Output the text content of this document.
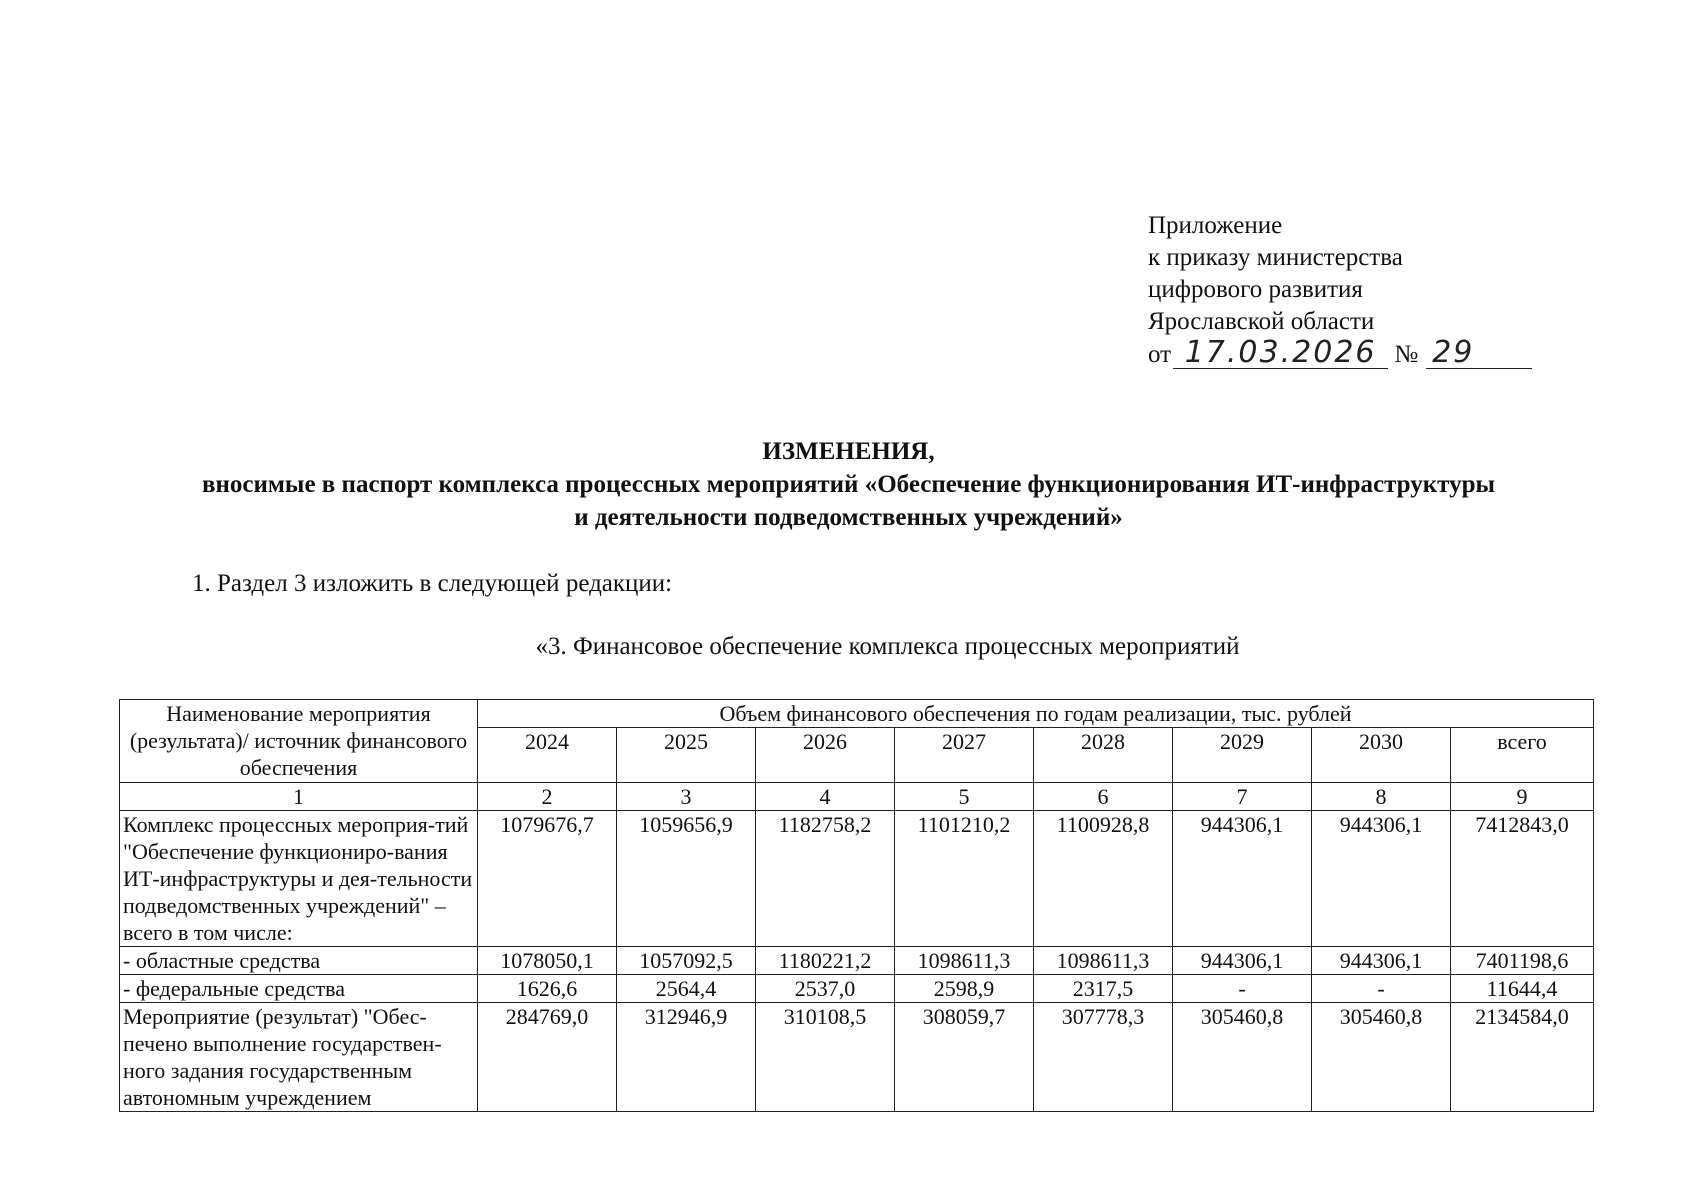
Приложение
к приказу министерства
цифрового развития
Ярославской области
от 17.03.2026 № 29
ИЗМЕНЕНИЯ,
вносимые в паспорт комплекса процессных мероприятий «Обеспечение функционирования ИТ-инфраструктуры
и деятельности подведомственных учреждений»
1. Раздел 3 изложить в следующей редакции:
«3. Финансовое обеспечение комплекса процессных мероприятий
Наименование мероприятия (результата)/ источник финансового обеспечения	Объем финансового обеспечения по годам реализации, тыс. рублей							
	2024	2025	2026	2027	2028	2029	2030	всего
1	2	3	4	5	6	7	8	9
Комплекс процессных мероприя-тий "Обеспечение функциониро-вания ИТ-инфраструктуры и дея-тельности подведомственных учреждений" – всего в том числе:	1079676,7	1059656,9	1182758,2	1101210,2	1100928,8	944306,1	944306,1	7412843,0
- областные средства	1078050,1	1057092,5	1180221,2	1098611,3	1098611,3	944306,1	944306,1	7401198,6
- федеральные средства	1626,6	2564,4	2537,0	2598,9	2317,5	-	-	11644,4
Мероприятие (результат) "Обес-печено выполнение государствен-ного задания государственным автономным учреждением	284769,0	312946,9	310108,5	308059,7	307778,3	305460,8	305460,8	2134584,0
